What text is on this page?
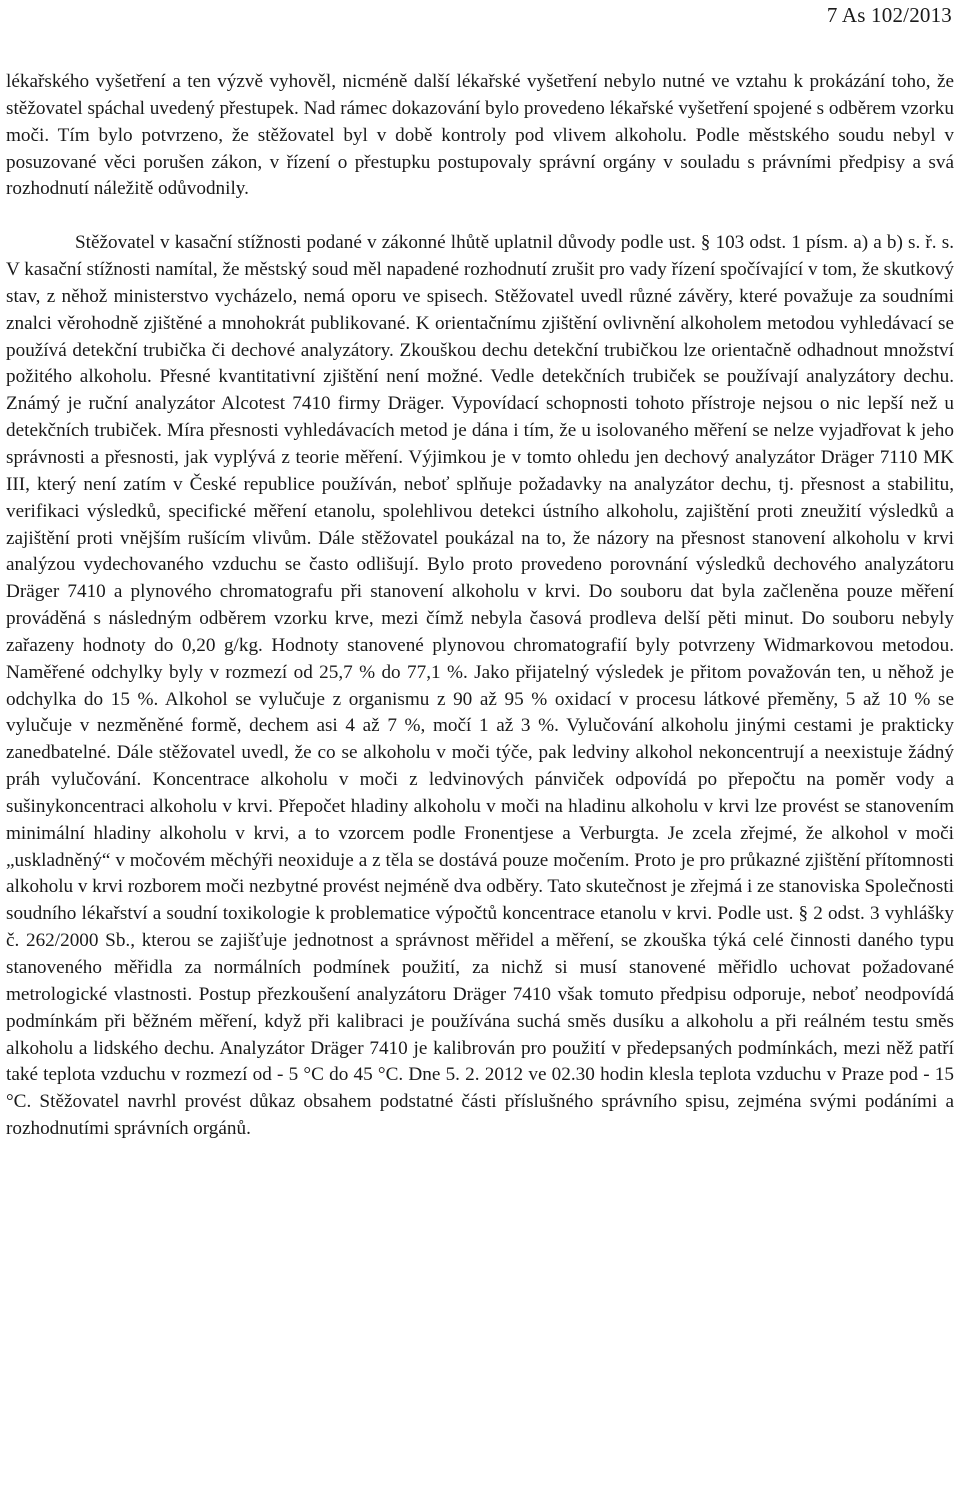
7 As 102/2013

lékařského vyšetření a ten výzvě vyhověl, nicméně další lékařské vyšetření nebylo nutné ve vztahu k prokázání toho, že stěžovatel spáchal uvedený přestupek. Nad rámec dokazování bylo provedeno lékařské vyšetření spojené s odběrem vzorku moči. Tím bylo potvrzeno, že stěžovatel byl v době kontroly pod vlivem alkoholu. Podle městského soudu nebyl v posuzované věci porušen zákon, v řízení o přestupku postupovaly správní orgány v souladu s právními předpisy a svá rozhodnutí náležitě odůvodnily.

Stěžovatel v kasační stížnosti podané v zákonné lhůtě uplatnil důvody podle ust. § 103 odst. 1 písm. a) a b) s. ř. s. V kasační stížnosti namítal, že městský soud měl napadené rozhodnutí zrušit pro vady řízení spočívající v tom, že skutkový stav, z něhož ministerstvo vycházelo, nemá oporu ve spisech. Stěžovatel uvedl různé závěry, které považuje za soudními znalci věrohodně zjištěné a mnohokrát publikované. K orientačnímu zjištění ovlivnění alkoholem metodou vyhledávací se používá detekční trubička či dechové analyzátory. Zkouškou dechu detekční trubičkou lze orientačně odhadnout množství požitého alkoholu. Přesné kvantitativní zjištění není možné. Vedle detekčních trubiček se používají analyzátory dechu. Známý je ruční analyzátor Alcotest 7410 firmy Dräger. Vypovídací schopnosti tohoto přístroje nejsou o nic lepší než u detekčních trubiček. Míra přesnosti vyhledávacích metod je dána i tím, že u isolovaného měření se nelze vyjadřovat k jeho správnosti a přesnosti, jak vyplývá z teorie měření. Výjimkou je v tomto ohledu jen dechový analyzátor Dräger 7110 MK III, který není zatím v České republice používán, neboť splňuje požadavky na analyzátor dechu, tj. přesnost a stabilitu, verifikaci výsledků, specifické měření etanolu, spolehlivou detekci ústního alkoholu, zajištění proti zneužití výsledků a zajištění proti vnějším rušícím vlivům. Dále stěžovatel poukázal na to, že názory na přesnost stanovení alkoholu v krvi analýzou vydechovaného vzduchu se často odlišují. Bylo proto provedeno porovnání výsledků dechového analyzátoru Dräger 7410 a plynového chromatografu při stanovení alkoholu v krvi. Do souboru dat byla začleněna pouze měření prováděná s následným odběrem vzorku krve, mezi čímž nebyla časová prodleva delší pěti minut. Do souboru nebyly zařazeny hodnoty do 0,20 g/kg. Hodnoty stanovené plynovou chromatografií byly potvrzeny Widmarkovou metodou. Naměřené odchylky byly v rozmezí od 25,7 % do 77,1 %. Jako přijatelný výsledek je přitom považován ten, u něhož je odchylka do 15 %. Alkohol se vylučuje z organismu z 90 až 95 % oxidací v procesu látkové přeměny, 5 až 10 % se vylučuje v nezměněné formě, dechem asi 4 až 7 %, močí 1 až 3 %. Vylučování alkoholu jinými cestami je prakticky zanedbatelné. Dále stěžovatel uvedl, že co se alkoholu v moči týče, pak ledviny alkohol nekoncentrují a neexistuje žádný práh vylučování. Koncentrace alkoholu v moči z ledvinových pánviček odpovídá po přepočtu na poměr vody a sušinykoncentraci alkoholu v krvi. Přepočet hladiny alkoholu v moči na hladinu alkoholu v krvi lze provést se stanovením minimální hladiny alkoholu v krvi, a to vzorcem podle Fronentjese a Verburgta. Je zcela zřejmé, že alkohol v moči „uskladněný“ v močovém měchýři neoxiduje a z těla se dostává pouze močením. Proto je pro průkazné zjištění přítomnosti alkoholu v krvi rozborem moči nezbytné provést nejméně dva odběry. Tato skutečnost je zřejmá i ze stanoviska Společnosti soudního lékařství a soudní toxikologie k problematice výpočtů koncentrace etanolu v krvi. Podle ust. § 2 odst. 3 vyhlášky č. 262/2000 Sb., kterou se zajišťuje jednotnost a správnost měřidel a měření, se zkouška týká celé činnosti daného typu stanoveného měřidla za normálních podmínek použití, za nichž si musí stanovené měřidlo uchovat požadované metrologické vlastnosti. Postup přezkoušení analyzátoru Dräger 7410 však tomuto předpisu odporuje, neboť neodpovídá podmínkám při běžném měření, když při kalibraci je používána suchá směs dusíku a alkoholu a při reálném testu směs alkoholu a lidského dechu. Analyzátor Dräger 7410 je kalibrován pro použití v předepsaných podmínkách, mezi něž patří také teplota vzduchu v rozmezí od - 5 °C do 45 °C. Dne 5. 2. 2012 ve 02.30 hodin klesla teplota vzduchu v Praze pod - 15 °C. Stěžovatel navrhl provést důkaz obsahem podstatné části příslušného správního spisu, zejména svými podáními a rozhodnutími správních orgánů.
